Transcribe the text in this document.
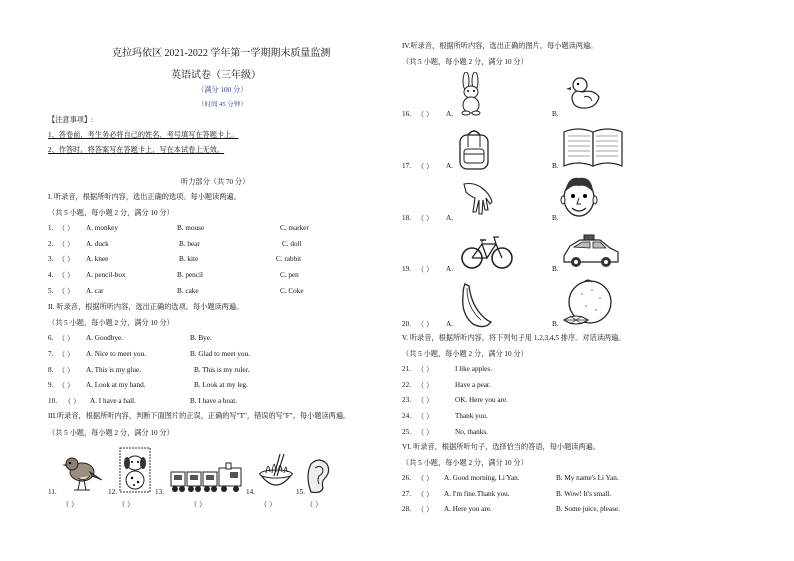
克拉玛依区 2021-2022 学年第一学期期末质量监测
英语试卷（三年级）
（满分 100 分）
（时间 45 分钟）
【注意事项】:
1、答卷前，考生务必将自己的姓名、考号填写在答题卡上。
2、作答时，将答案写在答题卡上，写在本试卷上无效。
听力部分（共 70 分）
I. 听录音，根据所听内容，选出正确的选项。每小题读两遍。
（共 5 小题，每小题 2 分，满分 10 分）
1. （ ） A. monkey	B. mouse	C. marker
2. （ ） A. duck	B. bear	C. doll
3. （ ） A. knee	B. kite	C. rabbit
4. （ ） A. pencil-box	B. pencil	C. pen
5. （ ） A. car	B. cake	C. Coke
II. 听录音，根据所听内容，选出正确的选项。每小题读两遍。
（共 5 小题，每小题 2 分，满分 10 分）
6. （ ） A. Goodbye.	B. Bye.
7. （ ） A. Nice to meet you.	B. Glad to meet you.
8. （ ） A. This is my glue.	B. This is my ruler.
9. （ ） A. Look at my hand.	B. Look at my leg.
10. （ ） A. I have a ball.	B. I have a boat.
III.听录音，根据所听内容，判断下面图片的正误，正确的写"T"，错误的写"F"。每小题读两遍。
（共 5 小题，每小题 2 分，满分 10 分）
11.	12.	13.	14.	15.
（ ）	（ ）	（ ）	（ ）	（ ）
IV.听录音，根据所听内容，选出正确的图片。每小题读两遍。
（共 5 小题，每小题 2 分，满分 10 分）
16. （ ） A.	B.
17. （ ） A.	B.
18. （ ） A.	B.
19. （ ） A.	B.
20. （ ） A.	B.
V. 听录音，根据所听内容，将下列句子用 1,2,3,4,5 排序。对话读两遍。
（共 5 小题，每小题 2 分，满分 10 分）
21. （ ）	I like apples.
22. （ ）	Have a pear.
23. （ ）	OK. Here you are.
24. （ ）	Thank you.
25. （ ）	No, thanks.
VI. 听录音，根据所听句子，选择恰当的答语，每小题读两遍。
（共 5 小题，每小题 2 分，满分 10 分）
26. （ ） A. Good morning, Li Yan.	B. My name's Li Yan.
27. （ ） A. I'm fine.Thank you.	B. Wow! It's small.
28. （ ） A. Here you are.	B. Some juice, please.
